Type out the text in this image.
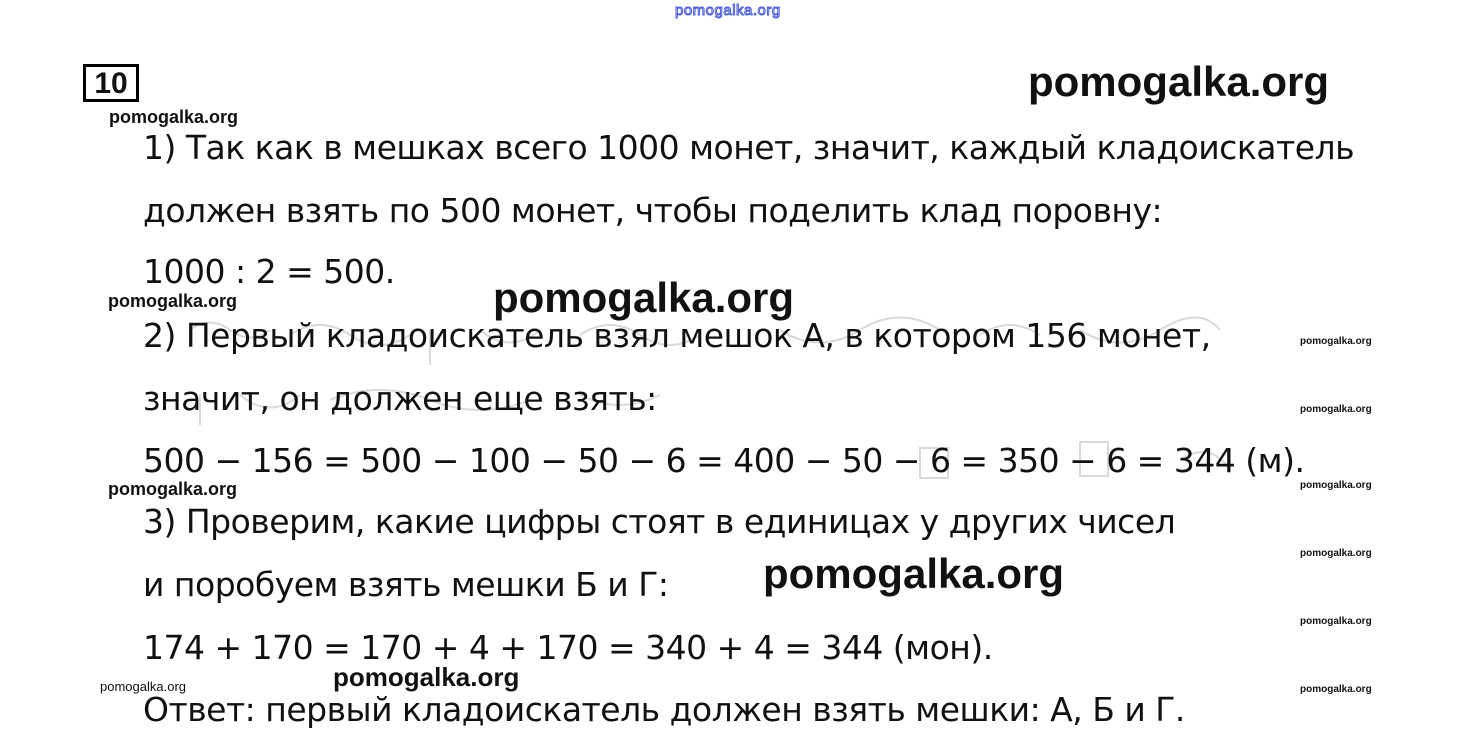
pomogalka.org
10	pomogalka.org
pomogalka.org
pomogalka.org
pomogalka.org
pomogalka.org
pomogalka.org
pomogalka.org
pomogalka.org
pomogalka.org
pomogalka.org
pomogalka.org
pomogalka.org
pomogalka.org
pomogalka.org
1) Так как в мешках всего 1000 монет, значит, каждый кладоискатель
должен взять по 500 монет, чтобы поделить клад поровну:
1000 : 2 = 500.
2) Первый кладоискатель взял мешок А, в котором 156 монет,
значит, он должен еще взять:
500 − 156 = 500 − 100 − 50 − 6 = 400 − 50 − 6 = 350 − 6 = 344 (м).
3) Проверим, какие цифры стоят в единицах у других чисел
и поробуем взять мешки Б и Г:
174 + 170 = 170 + 4 + 170 = 340 + 4 = 344 (мон).
Ответ: первый кладоискатель должен взять мешки: А, Б и Г.
